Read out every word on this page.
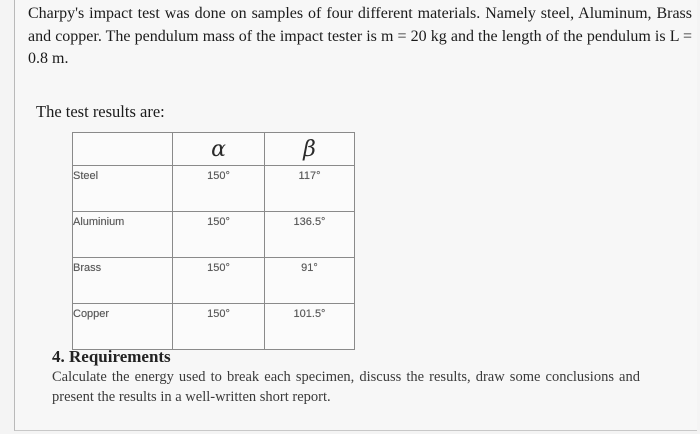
Charpy's impact test was done on samples of four different materials. Namely steel, Aluminum, Brass and copper. The pendulum mass of the impact tester is m = 20 kg and the length of the pendulum is L = 0.8 m.

The test results are:
	α	β
Steel	150°	117°
Aluminium	150°	136.5°
Brass	150°	91°
Copper	150°	101.5°
4. Requirements

Calculate the energy used to break each specimen, discuss the results, draw some conclusions and present the results in a well-written short report.
